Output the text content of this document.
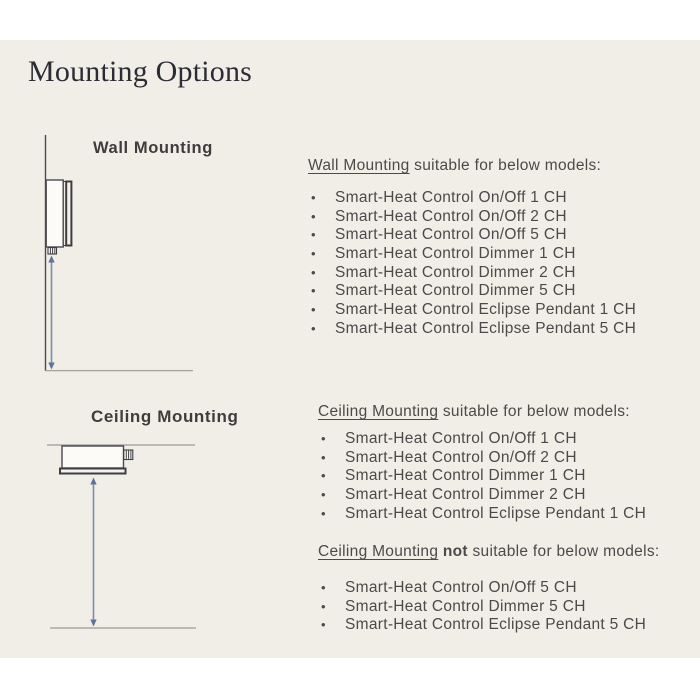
Mounting Options
Wall Mounting
Ceiling Mounting
Wall Mounting suitable for below models:
•	Smart-Heat Control On/Off 1 CH
•	Smart-Heat Control On/Off 2 CH
•	Smart-Heat Control On/Off 5 CH
•	Smart-Heat Control Dimmer 1 CH
•	Smart-Heat Control Dimmer 2 CH
•	Smart-Heat Control Dimmer 5 CH
•	Smart-Heat Control Eclipse Pendant 1 CH
•	Smart-Heat Control Eclipse Pendant 5 CH
Ceiling Mounting suitable for below models:
•	Smart-Heat Control On/Off 1 CH
•	Smart-Heat Control On/Off 2 CH
•	Smart-Heat Control Dimmer 1 CH
•	Smart-Heat Control Dimmer 2 CH
•	Smart-Heat Control Eclipse Pendant 1 CH
Ceiling Mounting not suitable for below models:
•	Smart-Heat Control On/Off 5 CH
•	Smart-Heat Control Dimmer 5 CH
•	Smart-Heat Control Eclipse Pendant 5 CH
